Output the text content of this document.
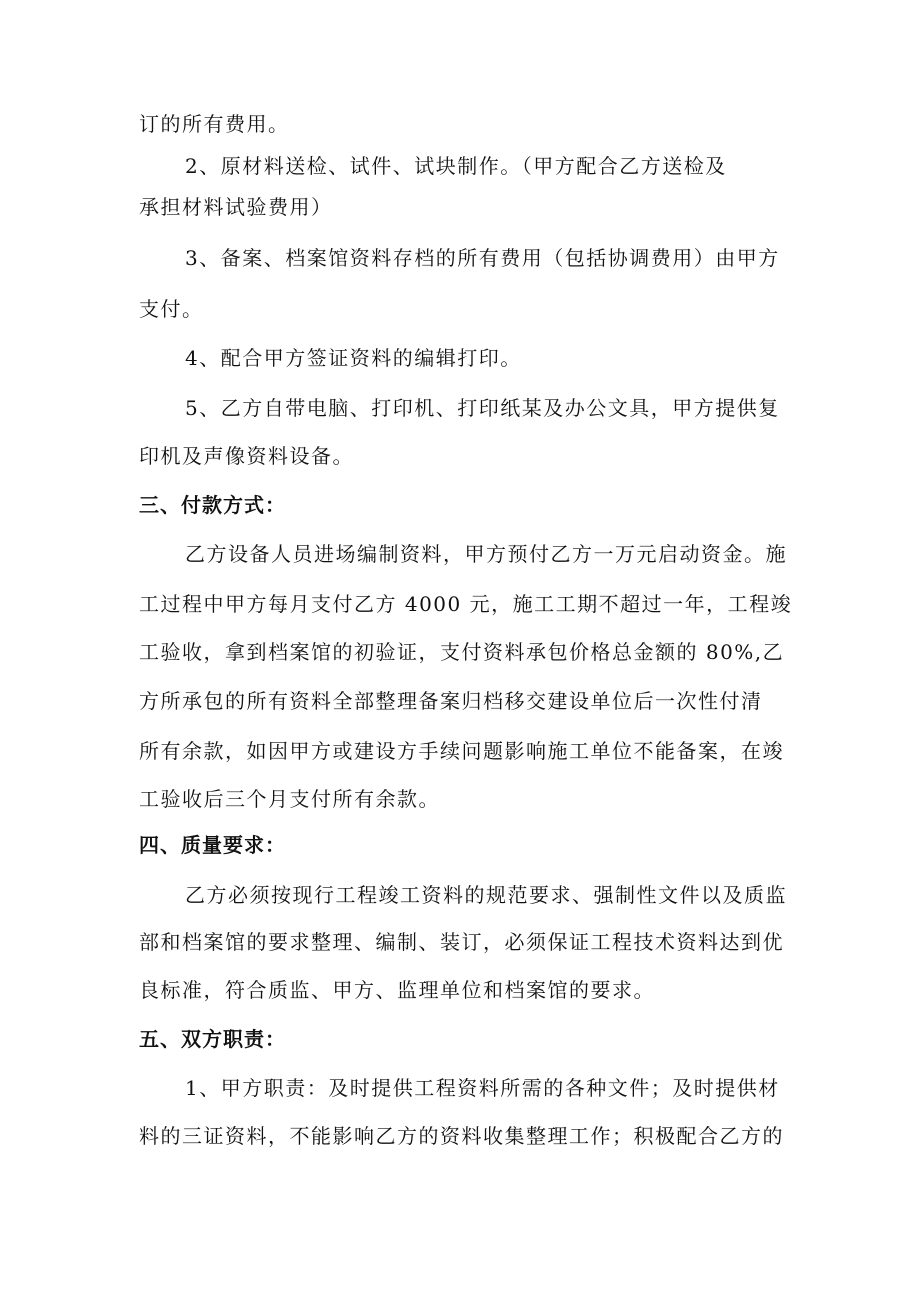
订的所有费用。
2、原材料送检、试件、试块制作。（甲方配合乙方送检及
承担材料试验费用）
3、备案、档案馆资料存档的所有费用（包括协调费用）由甲方
支付。
4、配合甲方签证资料的编辑打印。
5、乙方自带电脑、打印机、打印纸某及办公文具，甲方提供复
印机及声像资料设备。
三、付款方式：
乙方设备人员进场编制资料，甲方预付乙方一万元启动资金。施
工过程中甲方每月支付乙方 4000 元，施工工期不超过一年，工程竣
工验收，拿到档案馆的初验证，支付资料承包价格总金额的 80%,乙
方所承包的所有资料全部整理备案归档移交建设单位后一次性付清
所有余款，如因甲方或建设方手续问题影响施工单位不能备案，在竣
工验收后三个月支付所有余款。
四、质量要求：
乙方必须按现行工程竣工资料的规范要求、强制性文件以及质监
部和档案馆的要求整理、编制、装订，必须保证工程技术资料达到优
良标准，符合质监、甲方、监理单位和档案馆的要求。
五、双方职责：
1、甲方职责：及时提供工程资料所需的各种文件；及时提供材
料的三证资料，不能影响乙方的资料收集整理工作；积极配合乙方的
